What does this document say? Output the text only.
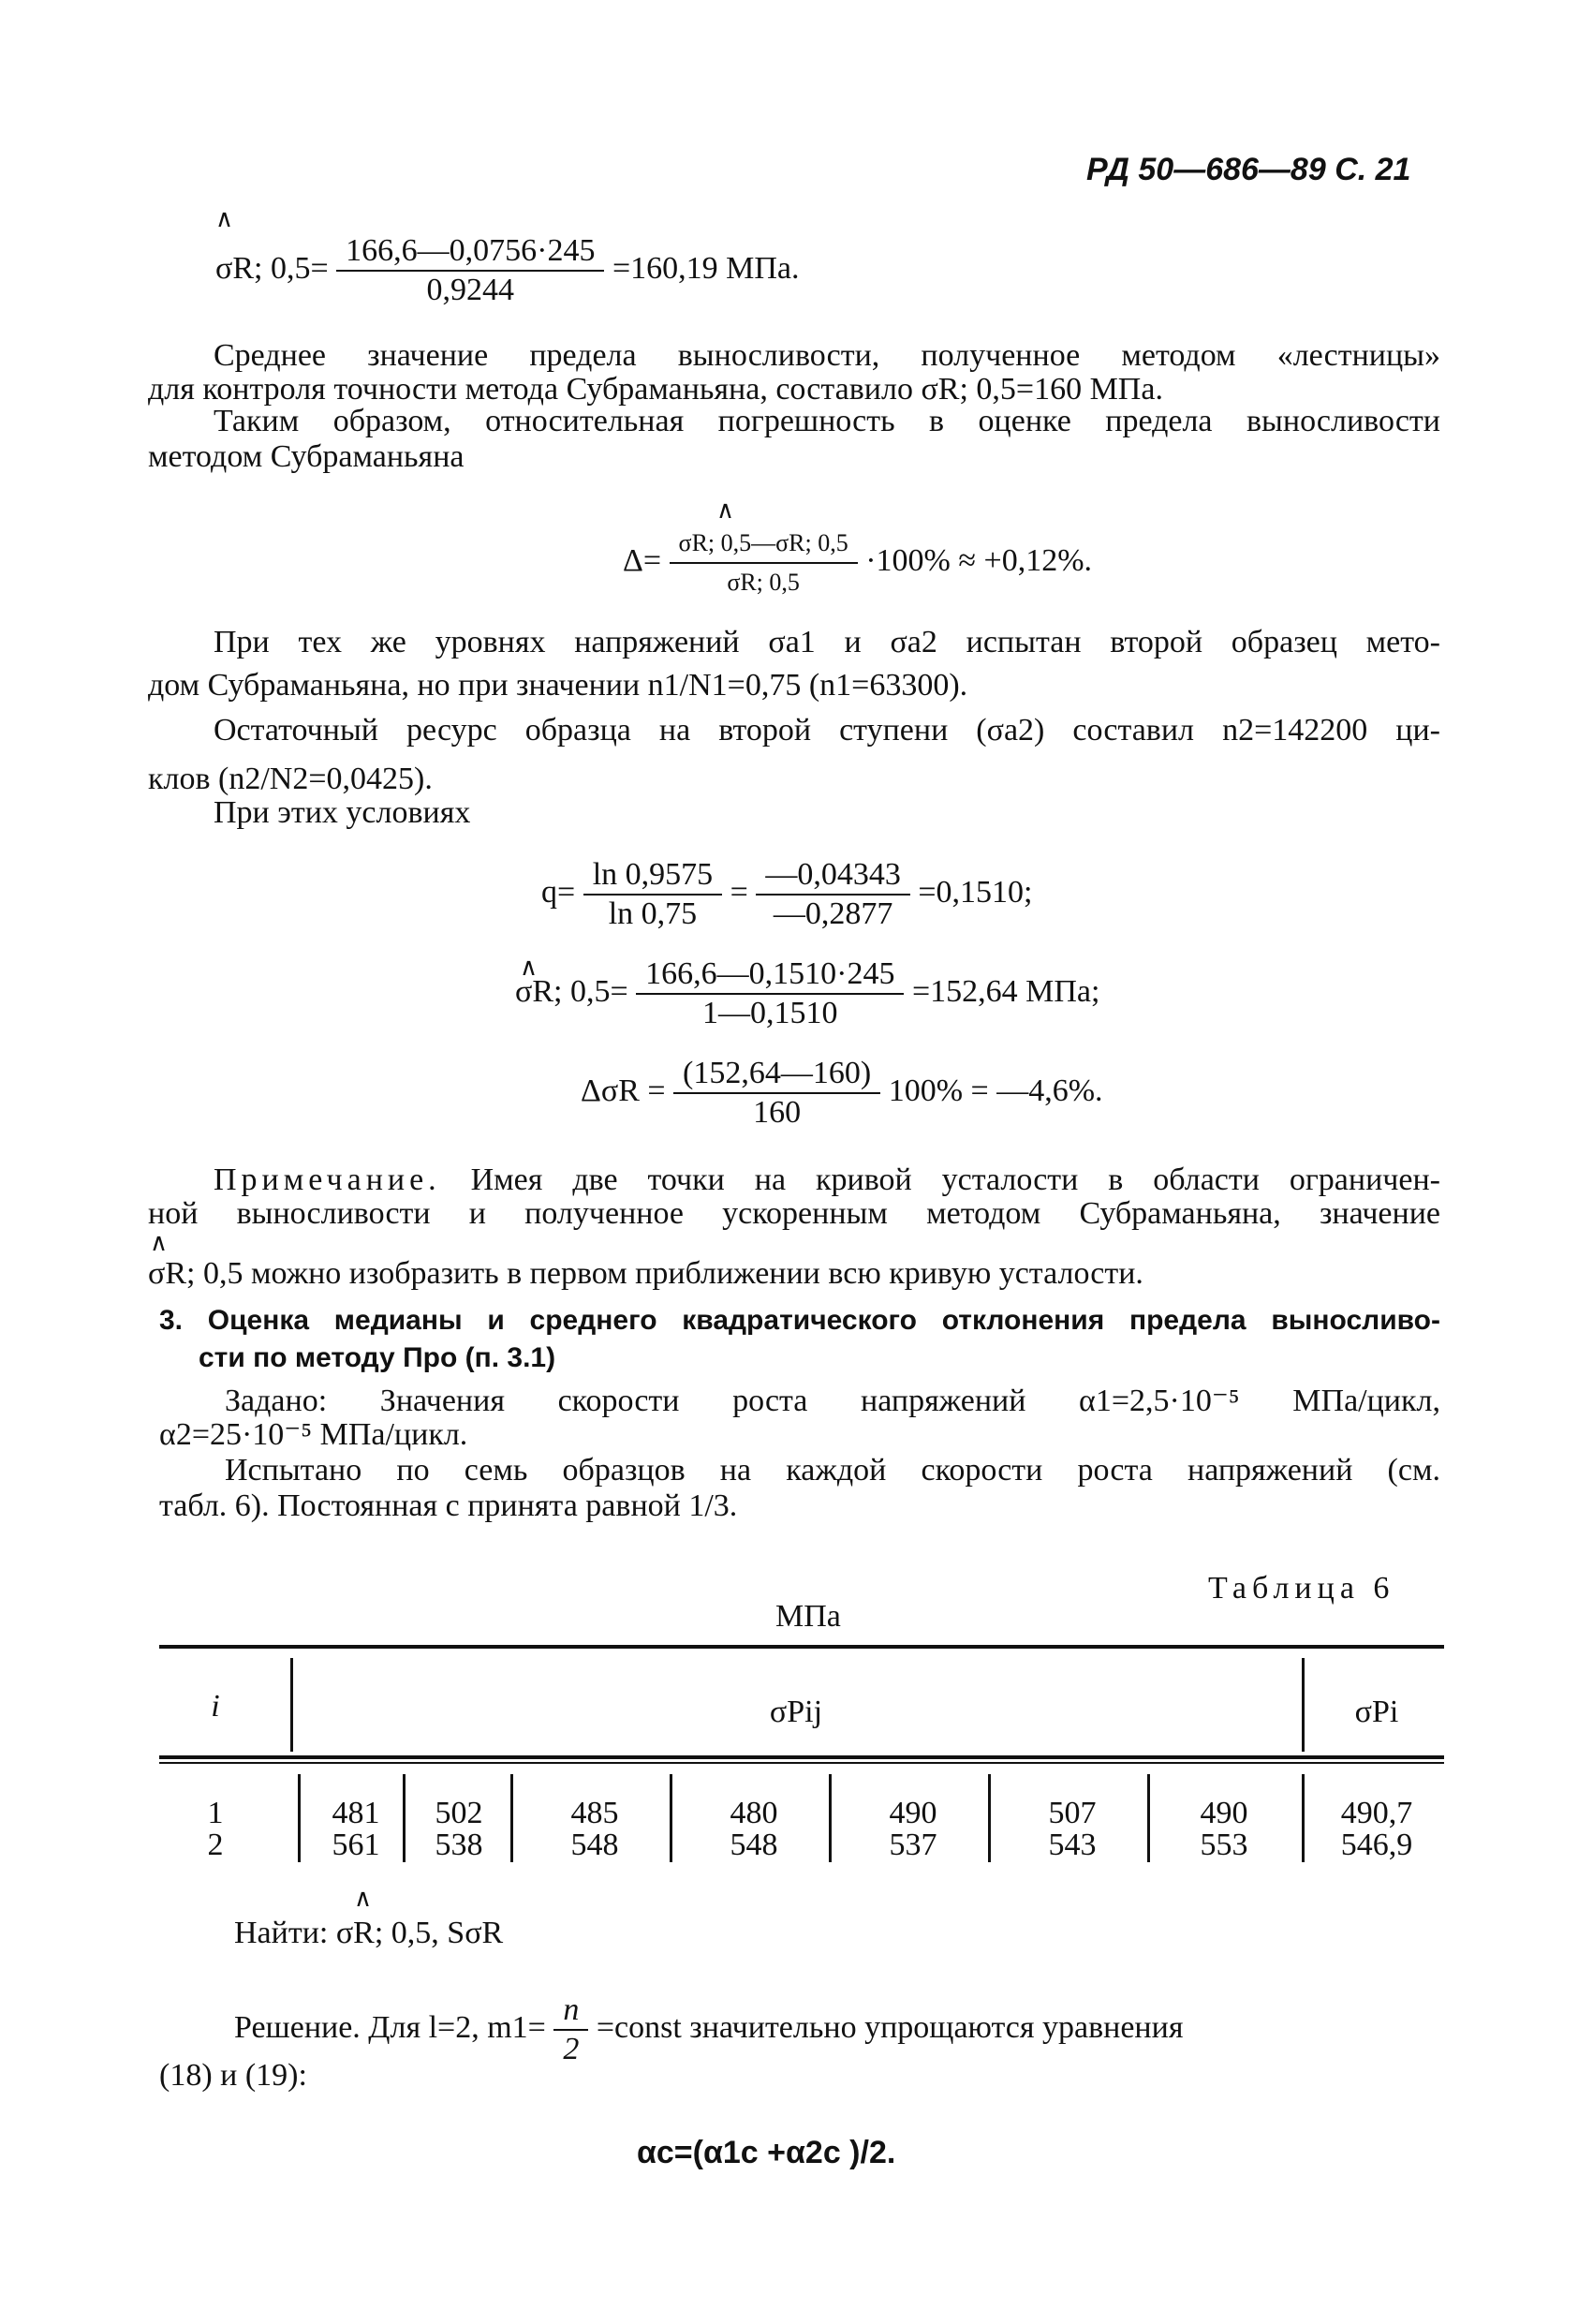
РД 50—686—89 С. 21
∧
σR; $0,5= \frac{166,6—0,0756\cdot 245}{0,9244} =160,19$ МПа.
Среднее значение предела выносливости, полученное методом «лестницы»
для контроля точности метода Субраманьяна, составило σR; 0,5=160 МПа.
Таким образом, относительная погрешность в оценке предела выносливости
методом Субраманьяна
$\Delta= \frac{\sigma R; 0,5—\sigma R; 0,5}{\sigma R; 0,5} \cdot 100\% \approx +0,12\%$.
∧
При тех же уровнях напряжений σa1 и σa2 испытан второй образец мето-
дом Субраманьяна, но при значении n1/N1=0,75 (n1=63300).
Остаточный ресурс образца на второй ступени (σa2) составил n2=142200 ци-
клов (n2/N2=0,0425).
При этих условиях
$q= \frac{\ln 0,9575}{\ln 0,75} = \frac{—0,04343}{—0,2877} =0,1510$;
σR; $0,5= \frac{166,6—0,1510\cdot 245}{1—0,1510} =152,64$ МПа;
∧
$\Delta\sigma R = \frac{(152,64—160)}{160} 100\%$ = —4,6%.
Примечание. Имея две точки на кривой усталости в области ограничен-
ной выносливости и полученное ускоренным методом Субраманьяна, значение
∧
σR; 0,5 можно изобразить в первом приближении всю кривую усталости.
3. Оценка медианы и среднего квадратического отклонения предела выносливо-
сти по методу Про (п. 3.1)
Задано: Значения скорости роста напряжений α1=2,5·10⁻⁵ МПа/цикл,
α2=25·10⁻⁵ МПа/цикл.
Испытано по семь образцов на каждой скорости роста напряжений (см.
табл. 6). Постоянная c принята равной 1/3.
Таблица 6
МПа
i	σPij	σPi
1	481	502	485	480	490	507	490	490,7
2	561	538	548	548	537	543	553	546,9
∧
Найти: σR; 0,5, SσR
Решение. Для l=2, $m1= \frac{n}{2}$ =const значительно упрощаются уравнения
(18) и (19):
αc=(α1c +α2c )/2.
